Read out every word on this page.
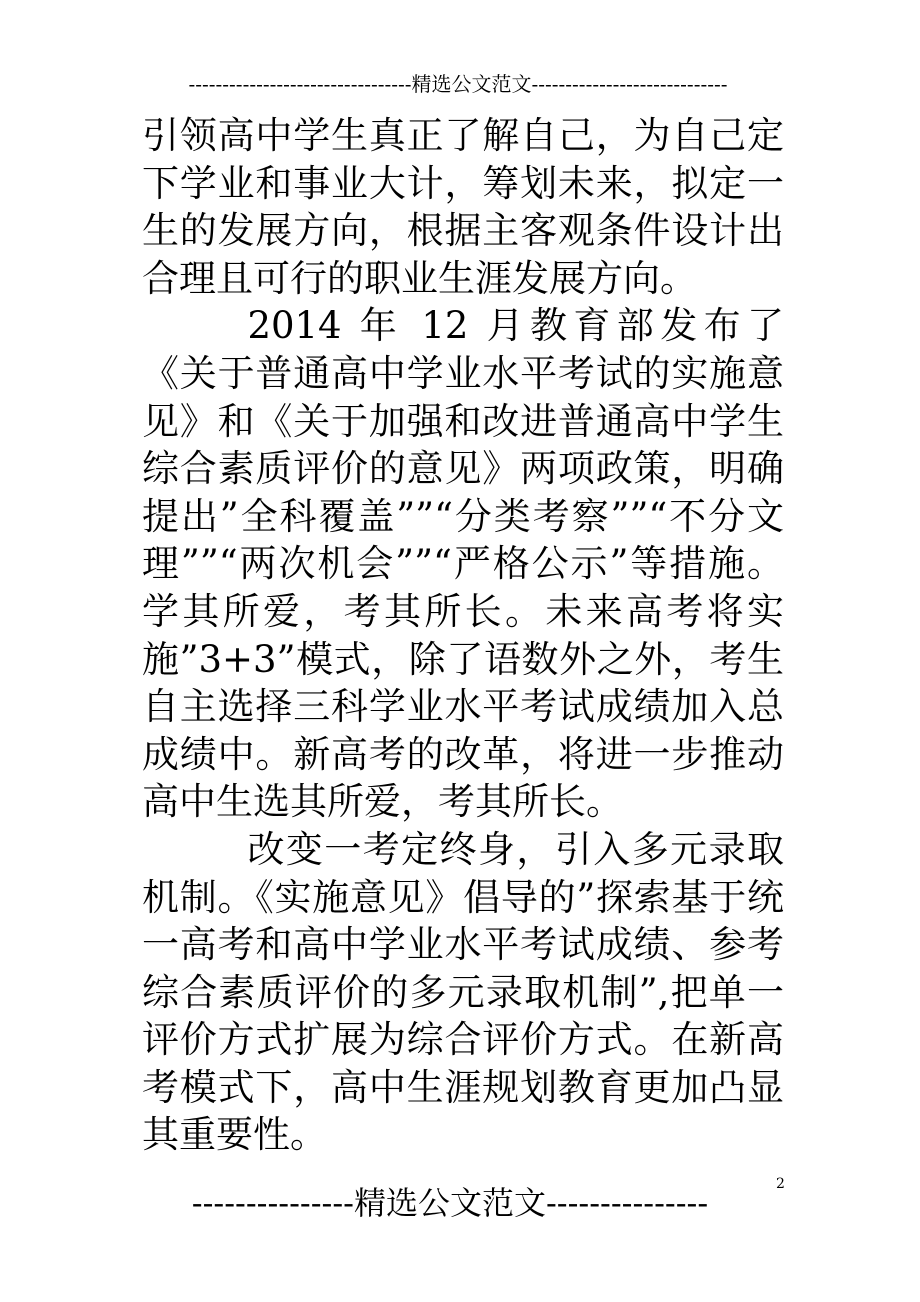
---------------------------------精选公文范文-----------------------------

引领高中学生真正了解自己，为自己定下学业和事业大计，筹划未来，拟定一生的发展方向，根据主客观条件设计出合理且可行的职业生涯发展方向。

2014 年 12 月教育部发布了《关于普通高中学业水平考试的实施意见》和《关于加强和改进普通高中学生综合素质评价的意见》两项政策，明确提出”全科覆盖””“分类考察””“不分文理””“两次机会””“严格公示”等措施。学其所爱，考其所长。未来高考将实施”3+3”模式，除了语数外之外，考生自主选择三科学业水平考试成绩加入总成绩中。新高考的改革，将进一步推动高中生选其所爱，考其所长。

改变一考定终身，引入多元录取机制。《实施意见》倡导的”探索基于统一高考和高中学业水平考试成绩、参考综合素质评价的多元录取机制”,把单一评价方式扩展为综合评价方式。在新高考模式下，高中生涯规划教育更加凸显其重要性。

2
---------------精选公文范文---------------
